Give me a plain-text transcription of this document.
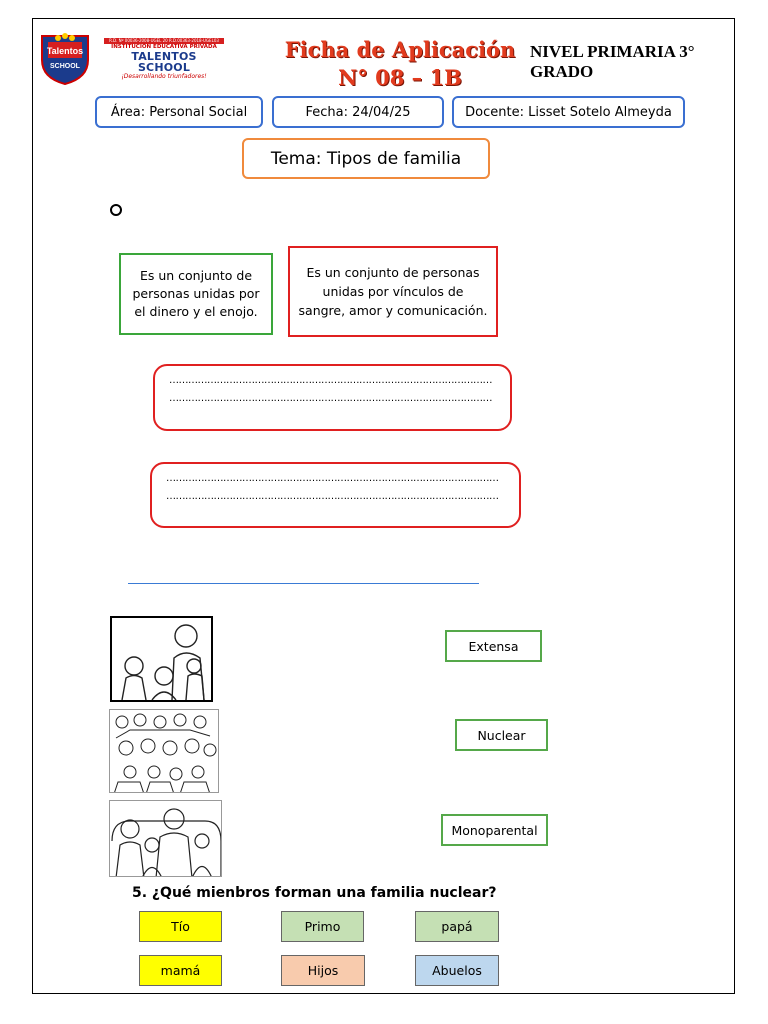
Talentos
SCHOOL
R.D. Nº 00036-2008-UGEL 20 R.D.00363-2018-UGEL03
INSTITUCIÓN EDUCATIVA PRIVADA
TALENTOS SCHOOL
¡Desarrollando triunfadores!
Ficha de Aplicación
N° 08 – 1B
NIVEL PRIMARIA 3° GRADO
Área: Personal Social	Fecha: 24/04/25	Docente: Lisset Sotelo Almeyda
Tema: Tipos de familia
Es un conjunto de personas unidas por el dinero y el enojo.
Es un conjunto de personas unidas por vínculos de sangre, amor y comunicación.
…………………………………………………………………………………………
…………………………………………………………………………………………
……………………………………………………………………………………………
……………………………………………………………………………………………
Extensa
Nuclear
Monoparental
5. ¿Qué mienbros forman una familia nuclear?
Tío	Primo	papá
mamá	Hijos	Abuelos
